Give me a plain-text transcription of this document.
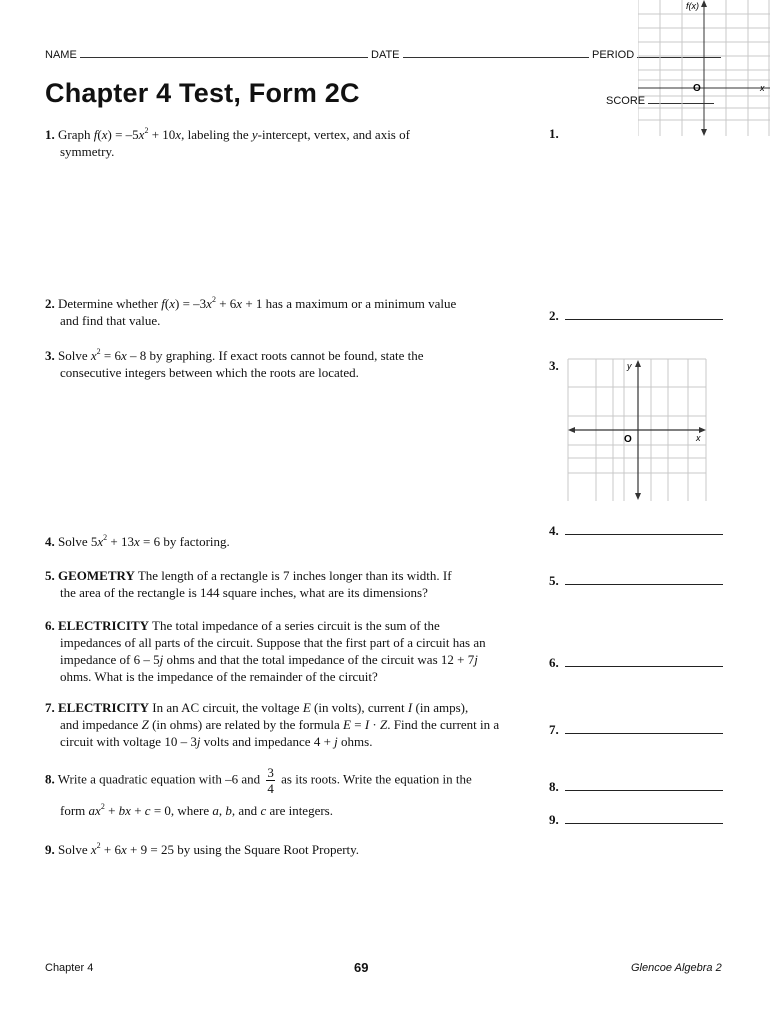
NAME	DATE	PERIOD
SCORE
Chapter 4 Test, Form 2C
f(x)
O	x
1. Graph $f(x) = -5x^2 + 10x$, labeling the y-intercept, vertex, and axis of
symmetry.
2. Determine whether $f(x) = -3x^2 + 6x + 1$ has a maximum or a minimum value
and find that value.
3. Solve $x^2 = 6x - 8$ by graphing. If exact roots cannot be found, state the
consecutive integers between which the roots are located.
4. Solve $5x^2 + 13x = 6$ by factoring.
5. GEOMETRY The length of a rectangle is 7 inches longer than its width. If
the area of the rectangle is 144 square inches, what are its dimensions?
6. ELECTRICITY The total impedance of a series circuit is the sum of the
impedances of all parts of the circuit. Suppose that the first part of a circuit has an impedance of 6 – 5j ohms and that the total impedance of the circuit was 12 + 7j ohms. What is the impedance of the remainder of the circuit?
7. ELECTRICITY In an AC circuit, the voltage E (in volts), current I (in amps),
and impedance Z (in ohms) are related by the formula E = I · Z. Find the current in a circuit with voltage 10 – 3j volts and impedance 4 + j ohms.
8. Write a quadratic equation with –6 and $\frac{3}{4}$ as its roots. Write the equation in the
form $ax^2$ + bx + c = 0, where a, b, and c are integers.
9. Solve $x^2 + 6x + 9 = 25$ by using the Square Root Property.
1.
2.
3.	y
O	x
4.
5.
6.
7.
8.
9.
Chapter 4	69	Glencoe Algebra 2
